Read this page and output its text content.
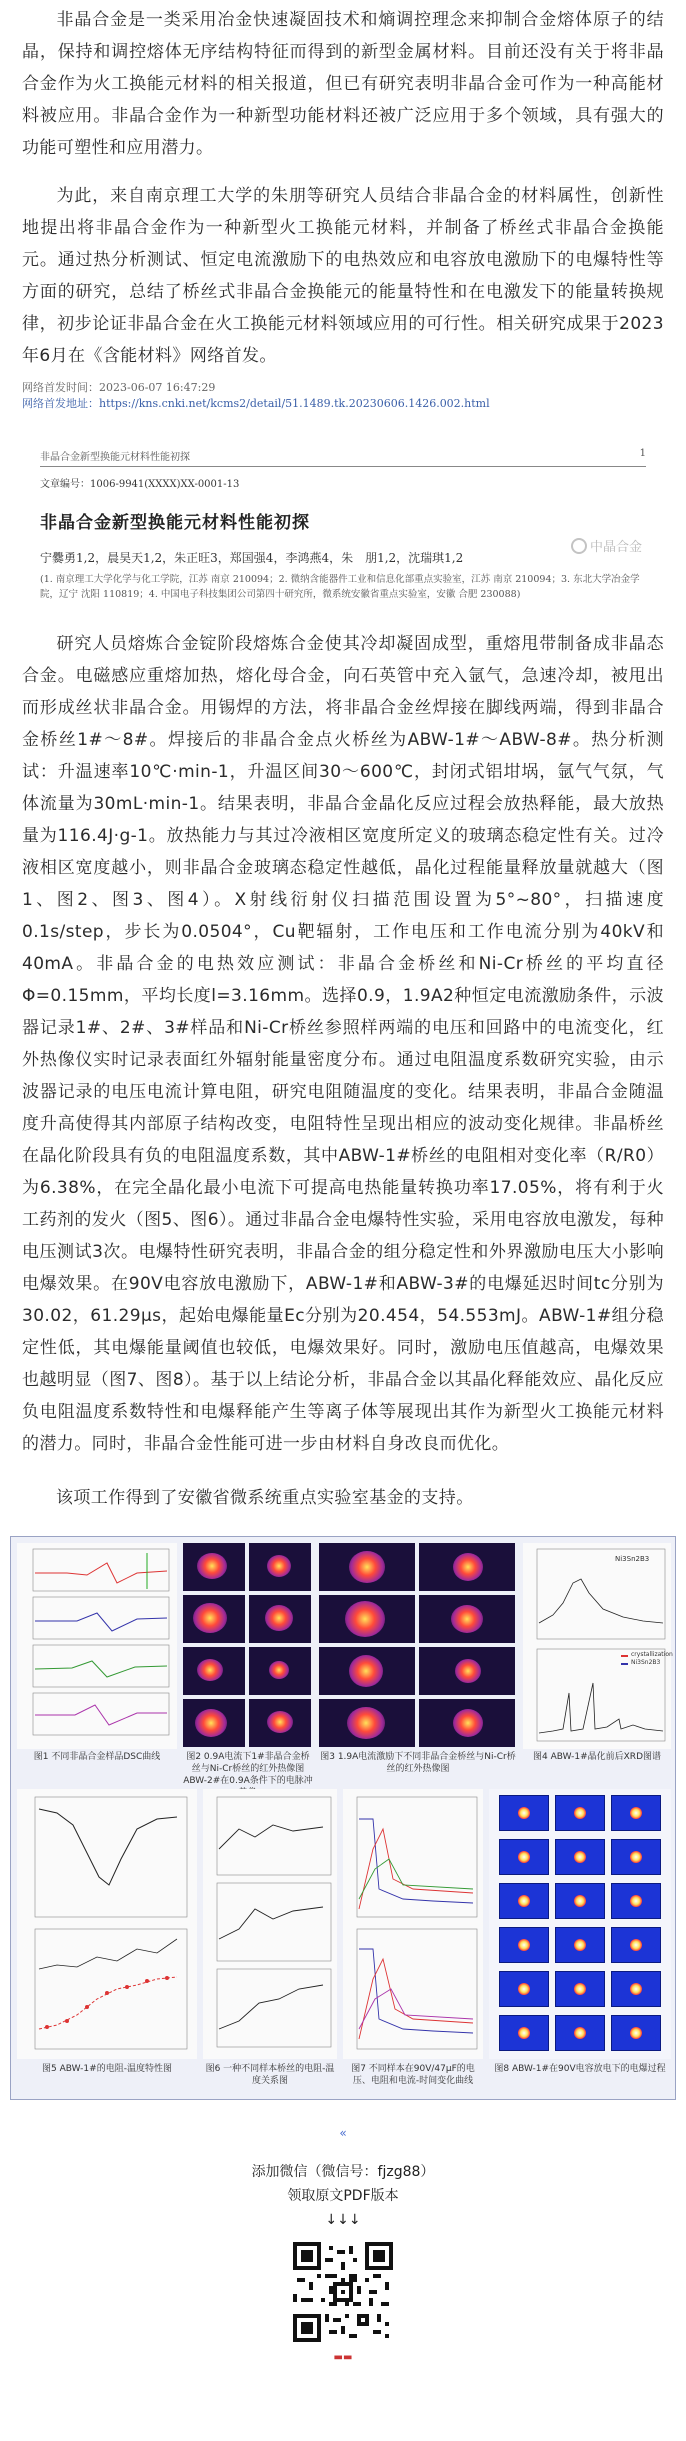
非晶合金是一类采用冶金快速凝固技术和熵调控理念来抑制合金熔体原子的结晶，保持和调控熔体无序结构特征而得到的新型金属材料。目前还没有关于将非晶合金作为火工换能元材料的相关报道，但已有研究表明非晶合金可作为一种高能材料被应用。非晶合金作为一种新型功能材料还被广泛应用于多个领域，具有强大的功能可塑性和应用潜力。

为此，来自南京理工大学的朱朋等研究人员结合非晶合金的材料属性，创新性地提出将非晶合金作为一种新型火工换能元材料，并制备了桥丝式非晶合金换能元。通过热分析测试、恒定电流激励下的电热效应和电容放电激励下的电爆特性等方面的研究，总结了桥丝式非晶合金换能元的能量特性和在电激发下的能量转换规律，初步论证非晶合金在火工换能元材料领域应用的可行性。相关研究成果于2023年6月在《含能材料》网络首发。

网络首发时间：2023-06-07 16:47:29
网络首发地址：https://kns.cnki.net/kcms2/detail/51.1489.tk.20230606.1426.002.html
非晶合金新型换能元材料性能初探	1
文章编号：1006-9941(XXXX)XX-0001-13
非晶合金新型换能元材料性能初探
宁爨勇1,2，晨昊天1,2，朱正旺3，郑国强4，李鸿燕4，朱　朋1,2，沈瑞琪1,2
(1. 南京理工大学化学与化工学院，江苏 南京 210094；2. 微纳含能器件工业和信息化部重点实验室，江苏 南京 210094；3. 东北大学冶金学院，辽宁 沈阳 110819；4. 中国电子科技集团公司第四十研究所，微系统安徽省重点实验室，安徽 合肥 230088)
中晶合金

研究人员熔炼合金锭阶段熔炼合金使其冷却凝固成型，重熔甩带制备成非晶态合金。电磁感应重熔加热，熔化母合金，向石英管中充入氩气，急速冷却，被甩出而形成丝状非晶合金。用锡焊的方法，将非晶合金丝焊接在脚线两端，得到非晶合金桥丝1#～8#。焊接后的非晶合金点火桥丝为ABW-1#～ABW-8#。热分析测试：升温速率10℃·min-1，升温区间30～600℃，封闭式铝坩埚，氩气气氛，气体流量为30mL·min-1。结果表明，非晶合金晶化反应过程会放热释能，最大放热量为116.4J·g-1。放热能力与其过冷液相区宽度所定义的玻璃态稳定性有关。过冷液相区宽度越小，则非晶合金玻璃态稳定性越低，晶化过程能量释放量就越大（图1、图2、图3、图4）。X射线衍射仪扫描范围设置为5°~80°，扫描速度0.1s/step，步长为0.0504°，Cu靶辐射，工作电压和工作电流分别为40kV和40mA。非晶合金的电热效应测试：非晶合金桥丝和Ni-Cr桥丝的平均直径Φ=0.15mm，平均长度l=3.16mm。选择0.9，1.9A2种恒定电流激励条件，示波器记录1#、2#、3#样品和Ni-Cr桥丝参照样两端的电压和回路中的电流变化，红外热像仪实时记录表面红外辐射能量密度分布。通过电阻温度系数研究实验，由示波器记录的电压电流计算电阻，研究电阻随温度的变化。结果表明，非晶合金随温度升高使得其内部原子结构改变，电阻特性呈现出相应的波动变化规律。非晶桥丝在晶化阶段具有负的电阻温度系数，其中ABW-1#桥丝的电阻相对变化率（R/R0）为6.38%，在完全晶化最小电流下可提高电热能量转换功率17.05%，将有利于火工药剂的发火（图5、图6）。通过非晶合金电爆特性实验，采用电容放电激发，每种电压测试3次。电爆特性研究表明，非晶合金的组分稳定性和外界激励电压大小影响电爆效果。在90V电容放电激励下，ABW-1#和ABW-3#的电爆延迟时间tc分别为30.02，61.29μs，起始电爆能量Ec分别为20.454，54.553mJ。ABW-1#组分稳定性低，其电爆能量阈值也较低，电爆效果好。同时，激励电压值越高，电爆效果也越明显（图7、图8）。基于以上结论分析，非晶合金以其晶化释能效应、晶化反应负电阻温度系数特性和电爆释能产生等离子体等展现出其作为新型火工换能元材料的潜力。同时，非晶合金性能可进一步由材料自身改良而优化。

该项工作得到了安徽省微系统重点实验室基金的支持。

图1 不同非晶合金样品DSC曲线	图2 0.9A电流下1#非晶合金桥丝与Ni-Cr桥丝的红外热像图ABW-2#在0.9A条件下的电脉冲
图3 1.9A电流激励下不同非晶合金桥丝与Ni-Cr桥丝的红外热像图
Ni3Sn2B3
crystallization
Ni3Sn2B3
图4 ABW-1#晶化前后XRD图谱
图5 ABW-1#的电阻-温度特性图	图6 一种不同样本桥丝的电阻-温度关系图
图7 不同样本在90V/47μF的电压、电阻和电流-时间变化曲线
图8 ABW-1#在90V电容放电下的电爆过程
«
添加微信（微信号：fjzg88）
领取原文PDF版本
↓↓↓
▬▬
